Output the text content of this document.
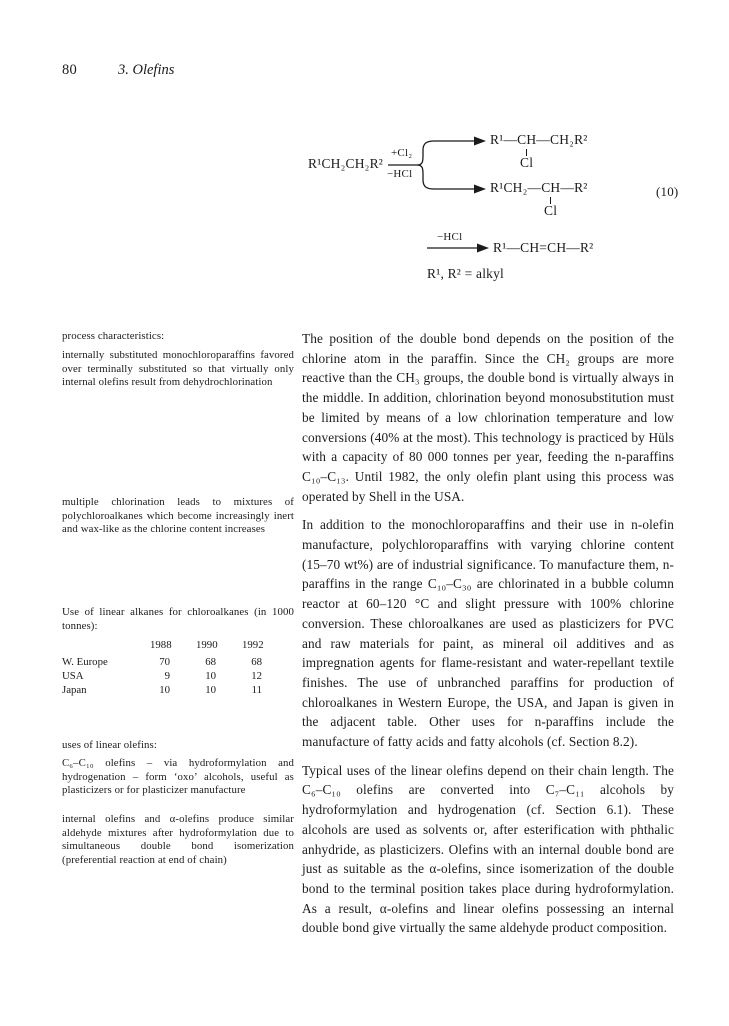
80	3. Olefins
R¹CH₂CH₂R²
+Cl₂
−HCl
R¹—CH—CH₂R²
Cl
R¹CH₂—CH—R²
Cl
(10)
−HCl
R¹—CH=CH—R²
R¹, R² = alkyl
process characteristics:
internally substituted monochloroparaffins favored over terminally substituted so that virtually only internal olefins result from dehydrochlorination
multiple chlorination leads to mixtures of polychloroalkanes which become increasingly inert and wax-like as the chlorine content increases
Use of linear alkanes for chloroalkanes (in 1000 tonnes):
1988	1990	1992
W. Europe	70	68	68
USA	9	10	12
Japan	10	10	11
uses of linear olefins:
C₆–C₁₀ olefins – via hydroformylation and hydrogenation – form ‘oxo’ alcohols, useful as plasticizers or for plasticizer manufacture
internal olefins and α-olefins produce similar aldehyde mixtures after hydroformylation due to simultaneous double bond isomerization (preferential reaction at end of chain)

The position of the double bond depends on the position of the chlorine atom in the paraffin. Since the CH₂ groups are more reactive than the CH₃ groups, the double bond is virtually always in the middle. In addition, chlorination beyond monosubstitution must be limited by means of a low chlorination temperature and low conversions (40% at the most). This technology is practiced by Hüls with a capacity of 80 000 tonnes per year, feeding the n-paraffins C₁₀–C₁₃. Until 1982, the only olefin plant using this process was operated by Shell in the USA.

In addition to the monochloroparaffins and their use in n-olefin manufacture, polychloroparaffins with varying chlorine content (15–70 wt%) are of industrial significance. To manufacture them, n-paraffins in the range C₁₀–C₃₀ are chlorinated in a bubble column reactor at 60–120 °C and slight pressure with 100% chlorine conversion. These chloroalkanes are used as plasticizers for PVC and raw materials for paint, as mineral oil additives and as impregnation agents for flame-resistant and water-repellant textile finishes. The use of unbranched paraffins for production of chloroalkanes in Western Europe, the USA, and Japan is given in the adjacent table. Other uses for n-paraffins include the manufacture of fatty acids and fatty alcohols (cf. Section 8.2).

Typical uses of the linear olefins depend on their chain length. The C₆–C₁₀ olefins are converted into C₇–C₁₁ alcohols by hydroformylation and hydrogenation (cf. Section 6.1). These alcohols are used as solvents or, after esterification with phthalic anhydride, as plasticizers. Olefins with an internal double bond are just as suitable as the α-olefins, since isomerization of the double bond to the terminal position takes place during hydroformylation. As a result, α-olefins and linear olefins possessing an internal double bond give virtually the same aldehyde product composition.
